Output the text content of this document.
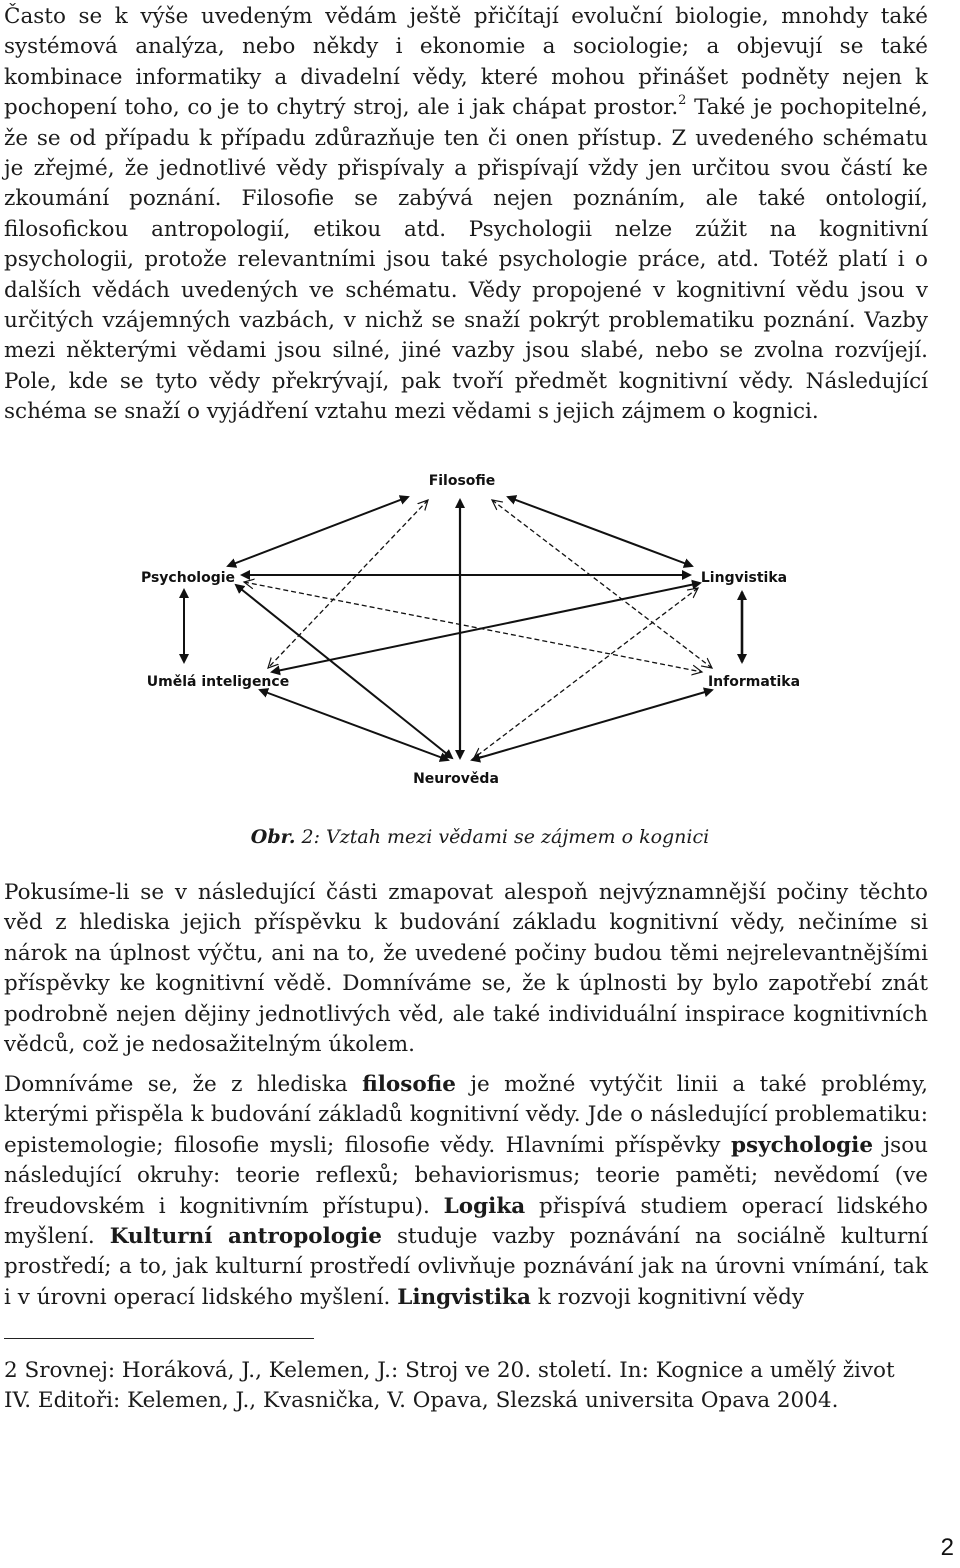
Často se k výše uvedeným vědám ještě přičítají evoluční biologie, mnohdy také systémová analýza, nebo někdy i ekonomie a sociologie; a objevují se také kombinace informatiky a divadelní vědy, které mohou přinášet podněty nejen k pochopení toho, co je to chytrý stroj, ale i jak chápat prostor.$^2$ Také je pochopitelné, že se od případu k případu zdůrazňuje ten či onen přístup. Z uvedeného schématu je zřejmé, že jednotlivé vědy přispívaly a přispívají vždy jen určitou svou částí ke zkoumání poznání. Filosofie se zabývá nejen poznáním, ale také ontologií, filosofickou antropologií, etikou atd. Psychologii nelze zúžit na kognitivní psychologii, protože relevantními jsou také psychologie práce, atd. Totéž platí i o dalších vědách uvedených ve schématu. Vědy propojené v kognitivní vědu jsou v určitých vzájemných vazbách, v nichž se snaží pokrýt problematiku poznání. Vazby mezi některými vědami jsou silné, jiné vazby jsou slabé, nebo se zvolna rozvíjejí. Pole, kde se tyto vědy překrývají, pak tvoří předmět kognitivní vědy. Následující schéma se snaží o vyjádření vztahu mezi vědami s jejich zájmem o kognici.

Filosofie
Psychologie	Lingvistika
Umělá inteligence	Informatika
Neurověda
Obr. 2: Vztah mezi vědami se zájmem o kognici

Pokusíme-li se v následující části zmapovat alespoň nejvýznamnější počiny těchto věd z hlediska jejich příspěvku k budování základu kognitivní vědy, nečiníme si nárok na úplnost výčtu, ani na to, že uvedené počiny budou těmi nejrelevantnějšími příspěvky ke kognitivní vědě. Domníváme se, že k úplnosti by bylo zapotřebí znát podrobně nejen dějiny jednotlivých věd, ale také individuální inspirace kognitivních vědců, což je nedosažitelným úkolem.

Domníváme se, že z hlediska filosofie je možné vytýčit linii a také problémy, kterými přispěla k budování základů kognitivní vědy. Jde o následující problematiku: epistemologie; filosofie mysli; filosofie vědy. Hlavními příspěvky psychologie jsou následující okruhy: teorie reflexů; behaviorismus; teorie paměti; nevědomí (ve freudovském i kognitivním přístupu). Logika přispívá studiem operací lidského myšlení. Kulturní antropologie studuje vazby poznávání na sociálně kulturní prostředí; a to, jak kulturní prostředí ovlivňuje poznávání jak na úrovni vnímání, tak i v úrovni operací lidského myšlení. Lingvistika k rozvoji kognitivní vědy

2 Srovnej: Horáková, J., Kelemen, J.: Stroj ve 20. století. In: Kognice a umělý život IV. Editoři: Kelemen, J., Kvasnička, V. Opava, Slezská universita Opava 2004.

2
